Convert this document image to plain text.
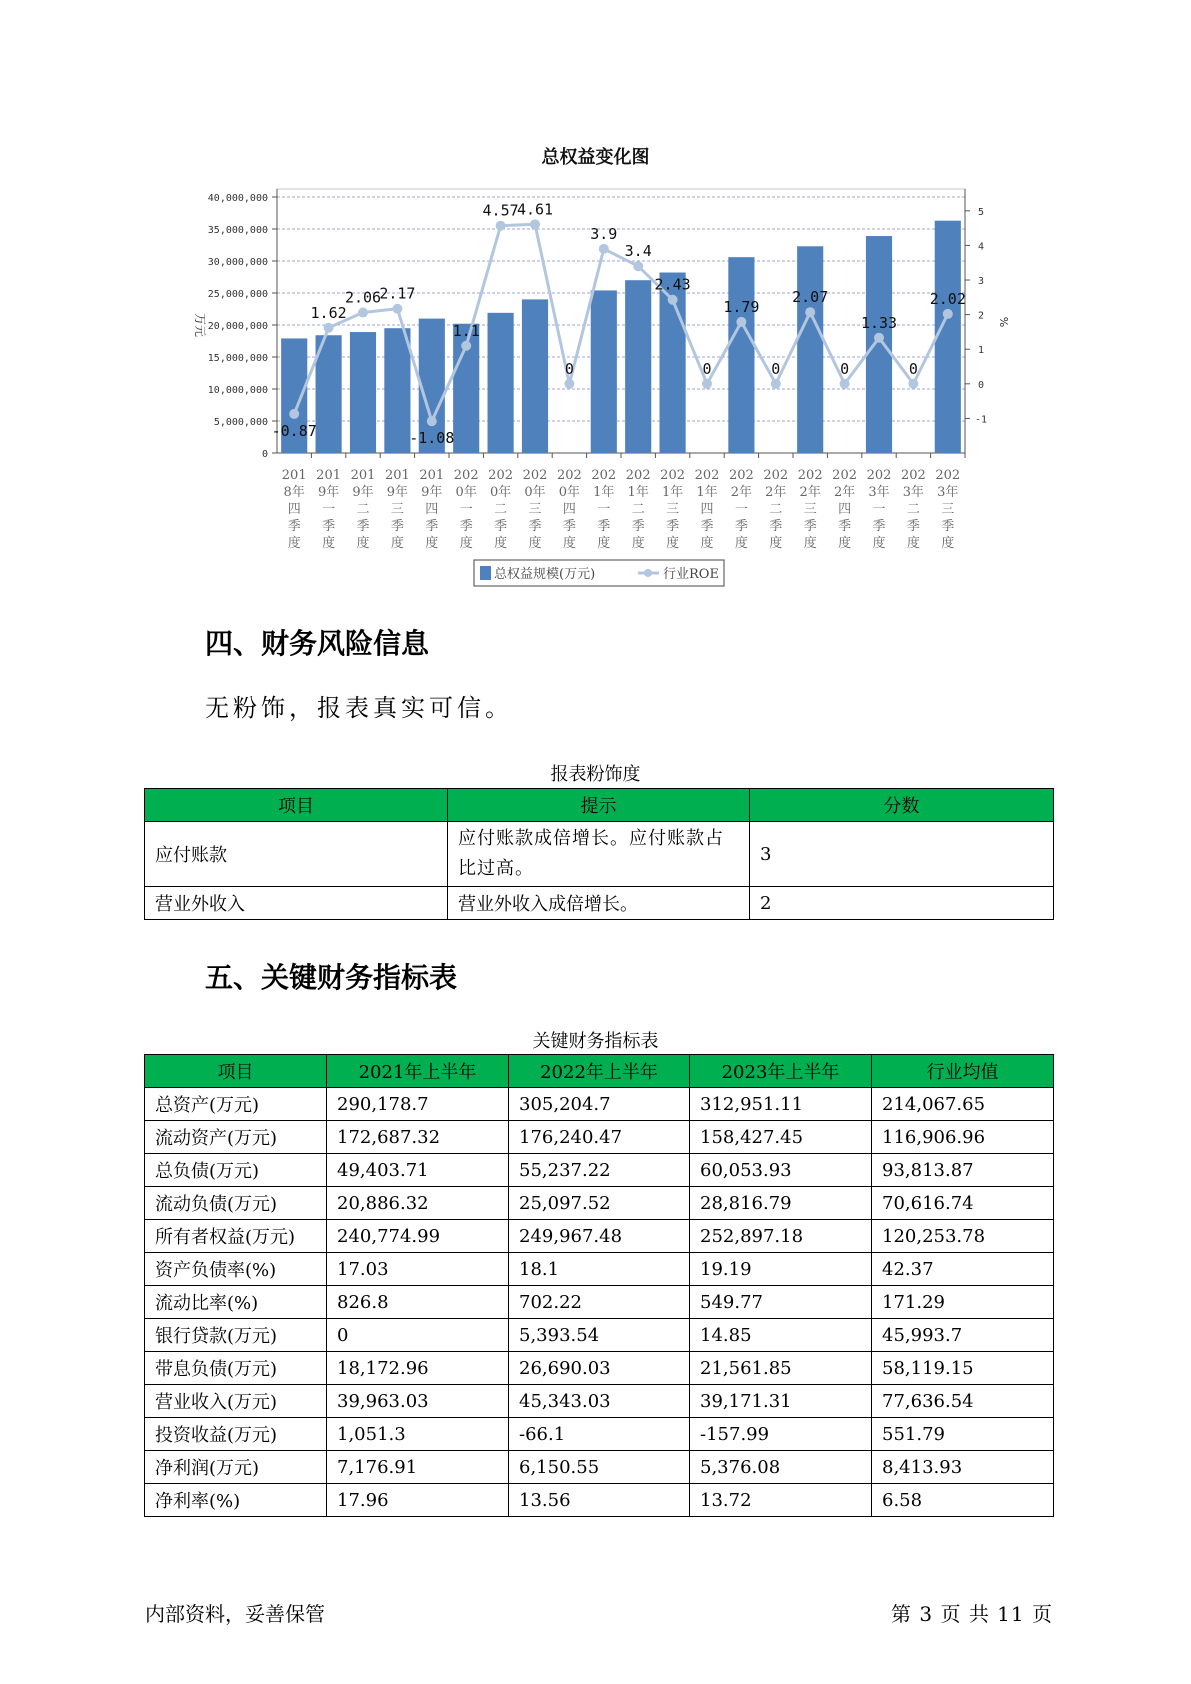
总权益变化图
0
5,000,000
10,000,000
15,000,000
20,000,000
25,000,000
30,000,000
35,000,000
40,000,000
-1
0
1
2
3
4
5
万元	%
201
8年
四
季
度
201
9年
一
季
度
201
9年
二
季
度
201
9年
三
季
度
201
9年
四
季
度
202
0年
一
季
度
202
0年
二
季
度
202
0年
三
季
度
202
0年
四
季
度
202
1年
一
季
度
202
1年
二
季
度
202
1年
三
季
度
202
1年
四
季
度
202
2年
一
季
度
202
2年
二
季
度
202
2年
三
季
度
202
2年
四
季
度
202
3年
一
季
度
202
3年
二
季
度
202
3年
三
季
度
-0.87
1.62
2.06
2.17
-1.08
1.1
4.57
4.61
0
3.9
3.4
2.43
0
1.79
0
2.07
0
1.33
0
2.02
总权益规模(万元)	行业ROE
四、财务风险信息
无粉饰，报表真实可信。
报表粉饰度
项目	提示	分数
应付账款	应付账款成倍增长。应付账款占比过高。	3
营业外收入	营业外收入成倍增长。	2
五、关键财务指标表
关键财务指标表
项目	2021年上半年	2022年上半年	2023年上半年	行业均值
总资产(万元)	290,178.7	305,204.7	312,951.11	214,067.65
流动资产(万元)	172,687.32	176,240.47	158,427.45	116,906.96
总负债(万元)	49,403.71	55,237.22	60,053.93	93,813.87
流动负债(万元)	20,886.32	25,097.52	28,816.79	70,616.74
所有者权益(万元)	240,774.99	249,967.48	252,897.18	120,253.78
资产负债率(%)	17.03	18.1	19.19	42.37
流动比率(%)	826.8	702.22	549.77	171.29
银行贷款(万元)	0	5,393.54	14.85	45,993.7
带息负债(万元)	18,172.96	26,690.03	21,561.85	58,119.15
营业收入(万元)	39,963.03	45,343.03	39,171.31	77,636.54
投资收益(万元)	1,051.3	-66.1	-157.99	551.79
净利润(万元)	7,176.91	6,150.55	5,376.08	8,413.93
净利率(%)	17.96	13.56	13.72	6.58
内部资料，妥善保管	第 3 页 共 11 页
